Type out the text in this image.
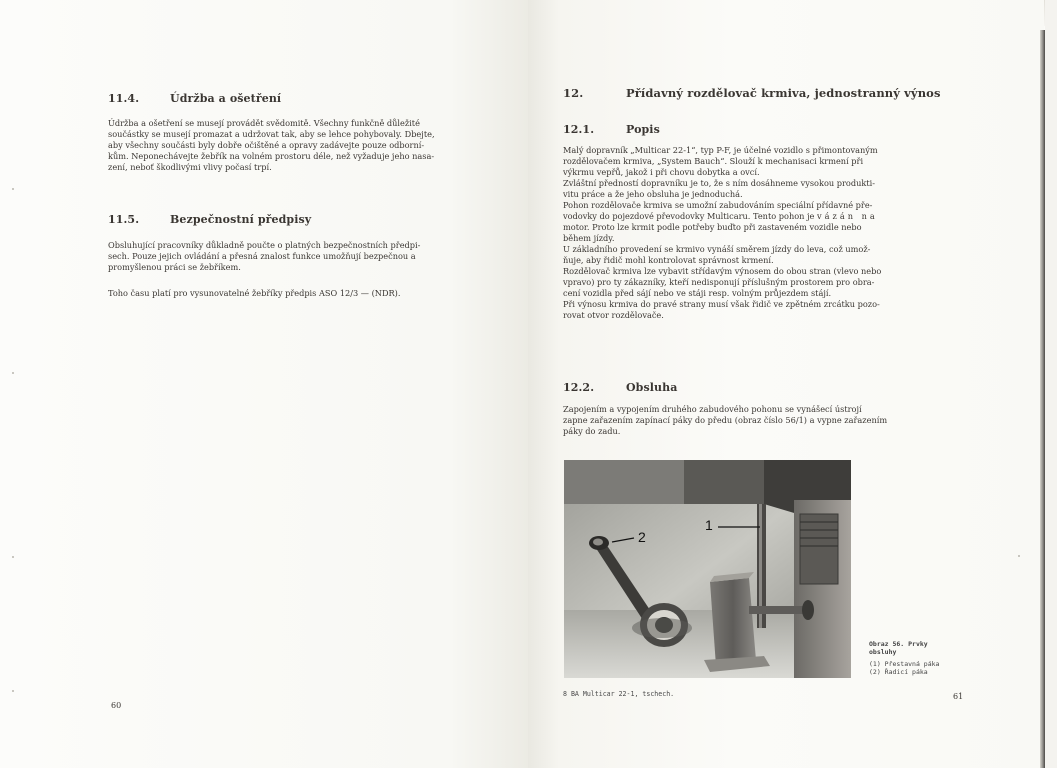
11.4.	Údržba a ošetření

Údržba a ošetření se musejí provádět svědomitě. Všechny funkčně důležité

součástky se musejí promazat a udržovat tak, aby se lehce pohybovaly. Dbejte,

aby všechny součásti byly dobře očištěné a opravy zadávejte pouze odborní-

kům. Neponechávejte žebřík na volném prostoru déle, než vyžaduje jeho nasa-

zení, neboť škodlivými vlivy počasí trpí.

11.5.	Bezpečnostní předpisy

Obsluhující pracovníky důkladně poučte o platných bezpečnostních předpi-

sech. Pouze jejich ovládání a přesná znalost funkce umožňují bezpečnou a

promyšlenou práci se žebříkem.

Toho času platí pro vysunovatelné žebříky předpis ASO 12/3 — (NDR).
60
12.	Přídavný rozdělovač krmiva, jednostranný výnos
12.1.	Popis

Malý dopravník „Multicar 22-1“, typ P-F, je účelné vozidlo s přimontovaným

rozdělovačem krmiva, „System Bauch“. Slouží k mechanisaci krmení při

výkrmu vepřů, jakož i při chovu dobytka a ovcí.

Zvláštní předností dopravníku je to, že s ním dosáhneme vysokou produkti-

vitu práce a že jeho obsluha je jednoduchá.

Pohon rozdělovače krmiva se umožní zabudováním speciální přídavné pře-

vodovky do pojezdové převodovky Multicaru. Tento pohon je vázán na

motor. Proto lze krmit podle potřeby buďto při zastaveném vozidle nebo

během jízdy.

U základního provedení se krmivo vynáší směrem jízdy do leva, což umož-

ňuje, aby řidič mohl kontrolovat správnost krmení.

Rozdělovač krmiva lze vybavit střídavým výnosem do obou stran (vlevo nebo

vpravo) pro ty zákazníky, kteří nedisponují příslušným prostorem pro obra-

cení vozidla před sájí nebo ve stáji resp. volným průjezdem stájí.

Při výnosu krmiva do pravé strany musí však řidič ve zpětném zrcátku pozo-

rovat otvor rozdělovače.

12.2.	Obsluha

Zapojením a vypojením druhého zabudového pohonu se vynášecí ústrojí

zapne zařazením zapínací páky do předu (obraz číslo 56/1) a vypne zařazením

páky do zadu.

2
1
Obraz 56. Prvky
obsluhy
(1) Přestavná páka
(2) Řadicí páka
8 BA Multicar 22-1, tschech.	61
